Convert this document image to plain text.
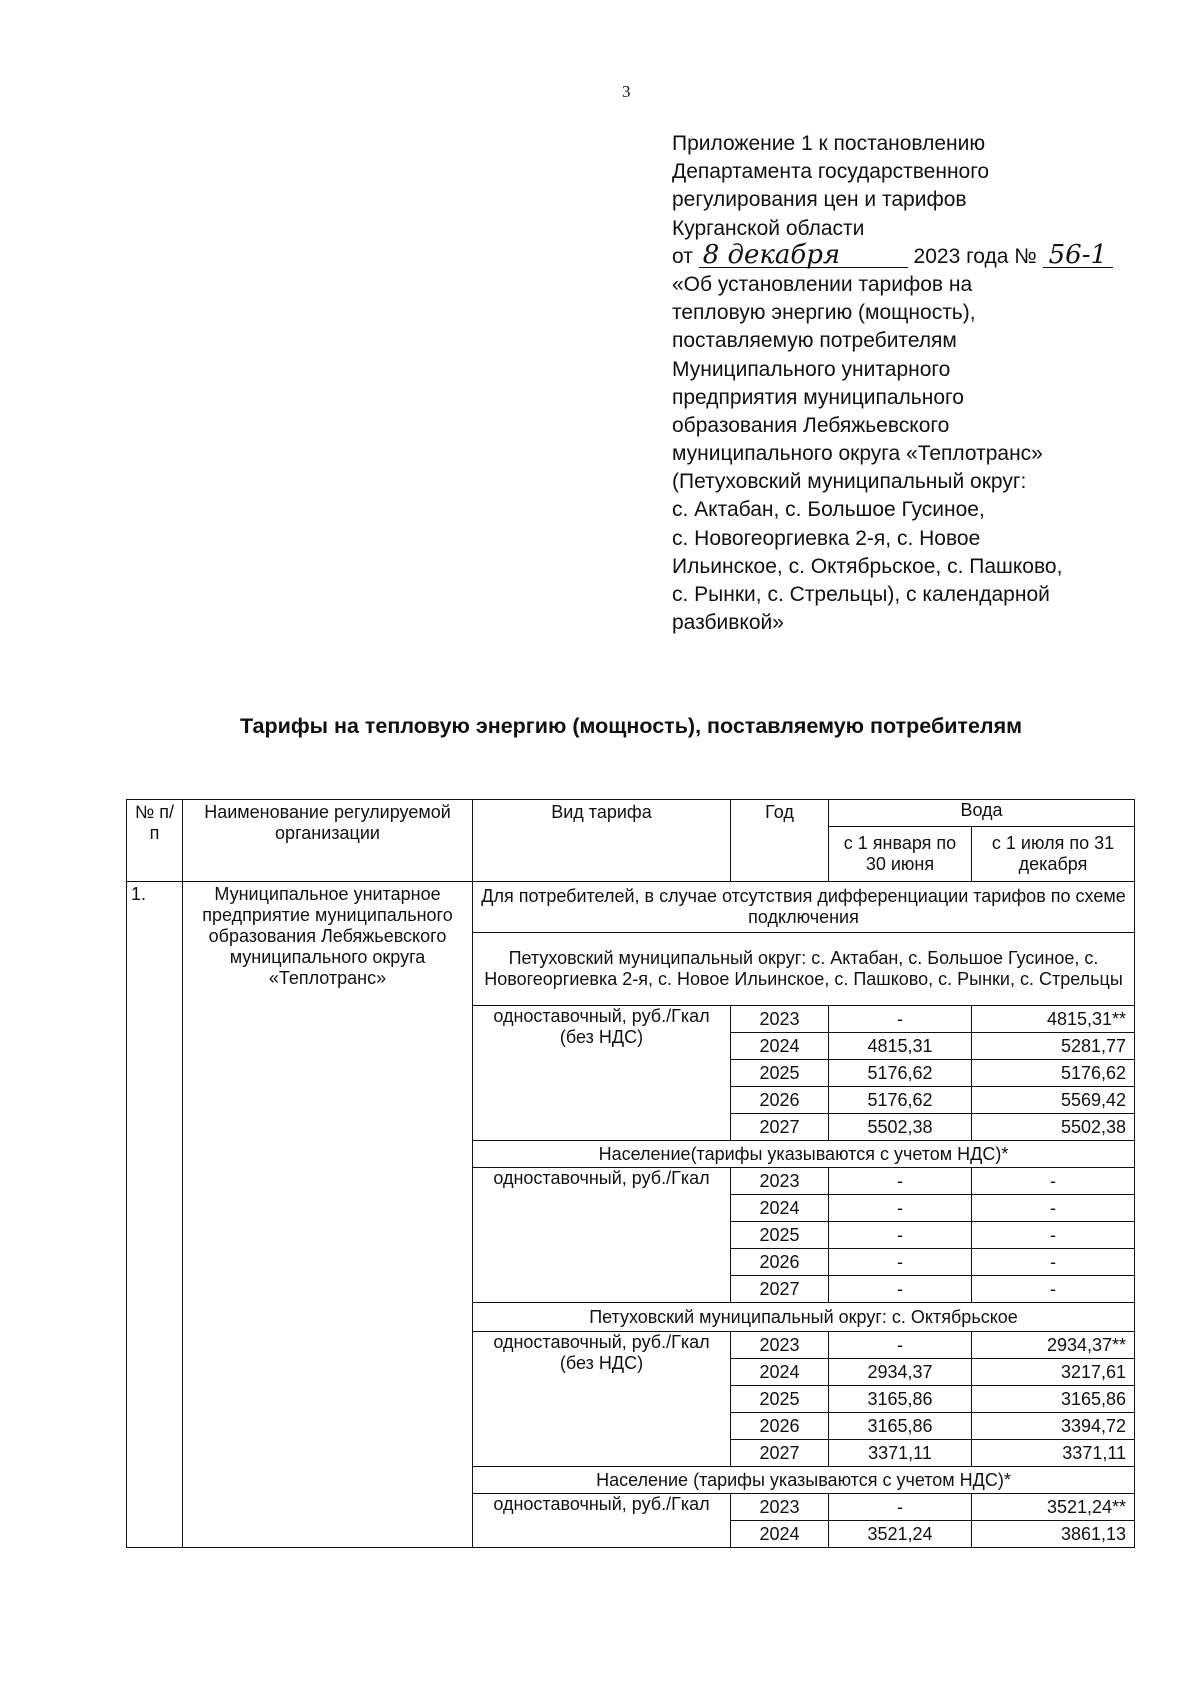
3
Приложение 1 к постановлению
Департамента государственного
регулирования цен и тарифов
Курганской области
от 8 декабря	2023 года № 56-1
«Об установлении тарифов на
тепловую энергию (мощность),
поставляемую потребителям
Муниципального унитарного
предприятия муниципального
образования Лебяжьевского
муниципального округа «Теплотранс»
(Петуховский муниципальный округ:
с. Актабан, с. Большое Гусиное,
с. Новогеоргиевка 2-я, с. Новое
Ильинское, с. Октябрьское, с. Пашково,
с. Рынки, с. Стрельцы), с календарной
разбивкой»
Тарифы на тепловую энергию (мощность), поставляемую потребителям
№ п/п	Наименование регулируемой организации	Вид тарифа	Год	Вода	
				с 1 января по 30 июня	с 1 июля по 31 декабря
1.	Муниципальное унитарное предприятие муниципального образования Лебяжьевского муниципального округа «Теплотранс»	Для потребителей, в случае отсутствия дифференциации тарифов по схеме подключения			
		Петуховский муниципальный округ: с. Актабан, с. Большое Гусиное, с. Новогеоргиевка 2-я, с. Новое Ильинское, с. Пашково, с. Рынки, с. Стрельцы			
		одноставочный, руб./Гкал (без НДС)	2023	-	4815,31**
			2024	4815,31	5281,77
			2025	5176,62	5176,62
			2026	5176,62	5569,42
			2027	5502,38	5502,38
		Население(тарифы указываются с учетом НДС)*			
		одноставочный, руб./Гкал	2023	-	-
			2024	-	-
			2025	-	-
			2026	-	-
			2027	-	-
		Петуховский муниципальный округ: с. Октябрьское			
		одноставочный, руб./Гкал (без НДС)	2023	-	2934,37**
			2024	2934,37	3217,61
			2025	3165,86	3165,86
			2026	3165,86	3394,72
			2027	3371,11	3371,11
		Население (тарифы указываются с учетом НДС)*			
		одноставочный, руб./Гкал	2023	-	3521,24**
			2024	3521,24	3861,13
